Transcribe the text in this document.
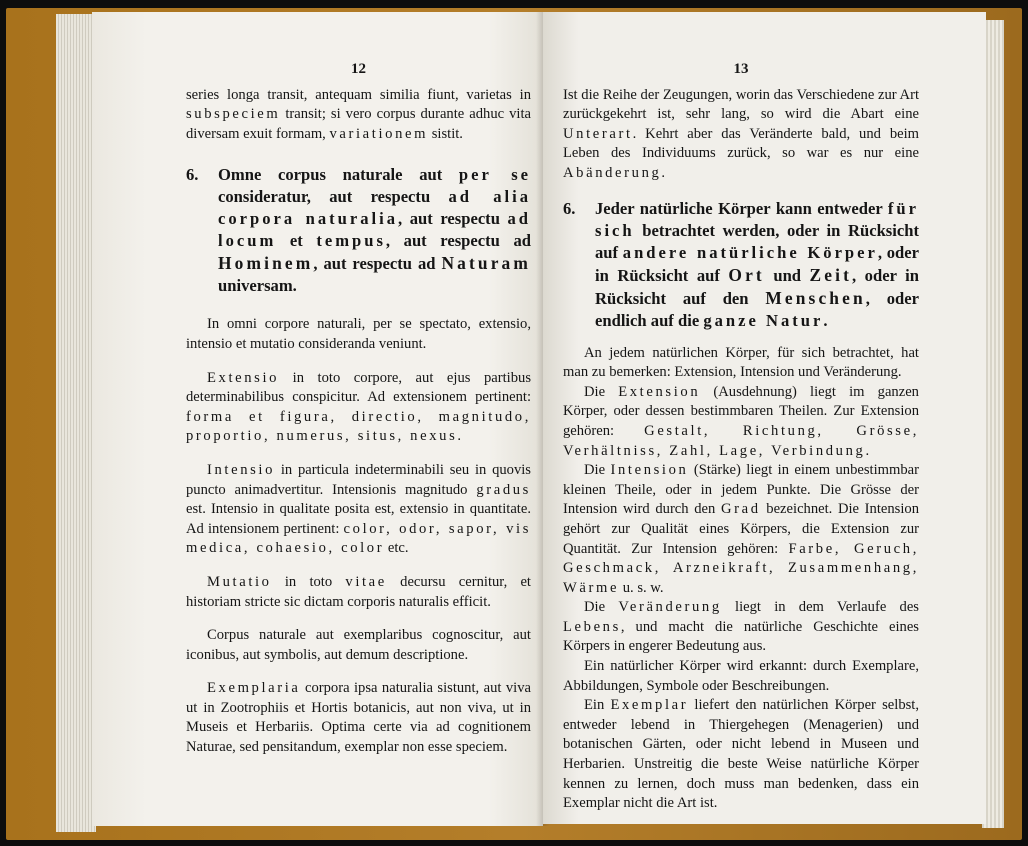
12

series longa transit, antequam similia fiunt, varietas in subspeciem transit; si vero corpus durante adhuc vita diversam exuit formam, variationem sistit.

6. Omne corpus naturale aut per se consideratur, aut respectu ad alia corpora naturalia, aut respectu ad locum et tempus, aut respectu ad Hominem, aut respectu ad Naturam universam.

In omni corpore naturali, per se spectato, extensio, intensio et mutatio consideranda veniunt.

Extensio in toto corpore, aut ejus partibus determinabilibus conspicitur. Ad extensionem pertinent: forma et figura, directio, magnitudo, proportio, numerus, situs, nexus.

Intensio in particula indeterminabili seu in quovis puncto animadvertitur. Intensionis magnitudo gradus est. Intensio in qualitate posita est, extensio in quantitate. Ad intensionem pertinent: color, odor, sapor, vis medica, cohaesio, color etc.

Mutatio in toto vitae decursu cernitur, et historiam stricte sic dictam corporis naturalis efficit.

Corpus naturale aut exemplaribus cognoscitur, aut iconibus, aut symbolis, aut demum descriptione.

Exemplaria corpora ipsa naturalia sistunt, aut viva ut in Zootrophiis et Hortis botanicis, aut non viva, ut in Museis et Herbariis. Optima certe via ad cognitionem Naturae, sed pensitandum, exemplar non esse speciem.

13

Ist die Reihe der Zeugungen, worin das Verschiedene zur Art zurückgekehrt ist, sehr lang, so wird die Abart eine Unterart. Kehrt aber das Veränderte bald, und beim Leben des Individuums zurück, so war es nur eine Abänderung.

6. Jeder natürliche Körper kann entweder für sich betrachtet werden, oder in Rücksicht auf andere natürliche Körper, oder in Rücksicht auf Ort und Zeit, oder in Rücksicht auf den Menschen, oder endlich auf die ganze Natur.

An jedem natürlichen Körper, für sich betrachtet, hat man zu bemerken: Extension, Intension und Veränderung.

Die Extension (Ausdehnung) liegt im ganzen Körper, oder dessen bestimmbaren Theilen. Zur Extension gehören: Gestalt, Richtung, Grösse, Verhältniss, Zahl, Lage, Verbindung.

Die Intension (Stärke) liegt in einem unbestimmbar kleinen Theile, oder in jedem Punkte. Die Grösse der Intension wird durch den Grad bezeichnet. Die Intension gehört zur Qualität eines Körpers, die Extension zur Quantität. Zur Intension gehören: Farbe, Geruch, Geschmack, Arzneikraft, Zusammenhang, Wärme u. s. w.

Die Veränderung liegt in dem Verlaufe des Lebens, und macht die natürliche Geschichte eines Körpers in engerer Bedeutung aus.

Ein natürlicher Körper wird erkannt: durch Exemplare, Abbildungen, Symbole oder Beschreibungen.

Ein Exemplar liefert den natürlichen Körper selbst, entweder lebend in Thiergehegen (Menagerien) und botanischen Gärten, oder nicht lebend in Museen und Herbarien. Unstreitig die beste Weise natürliche Körper kennen zu lernen, doch muss man bedenken, dass ein Exemplar nicht die Art ist.
